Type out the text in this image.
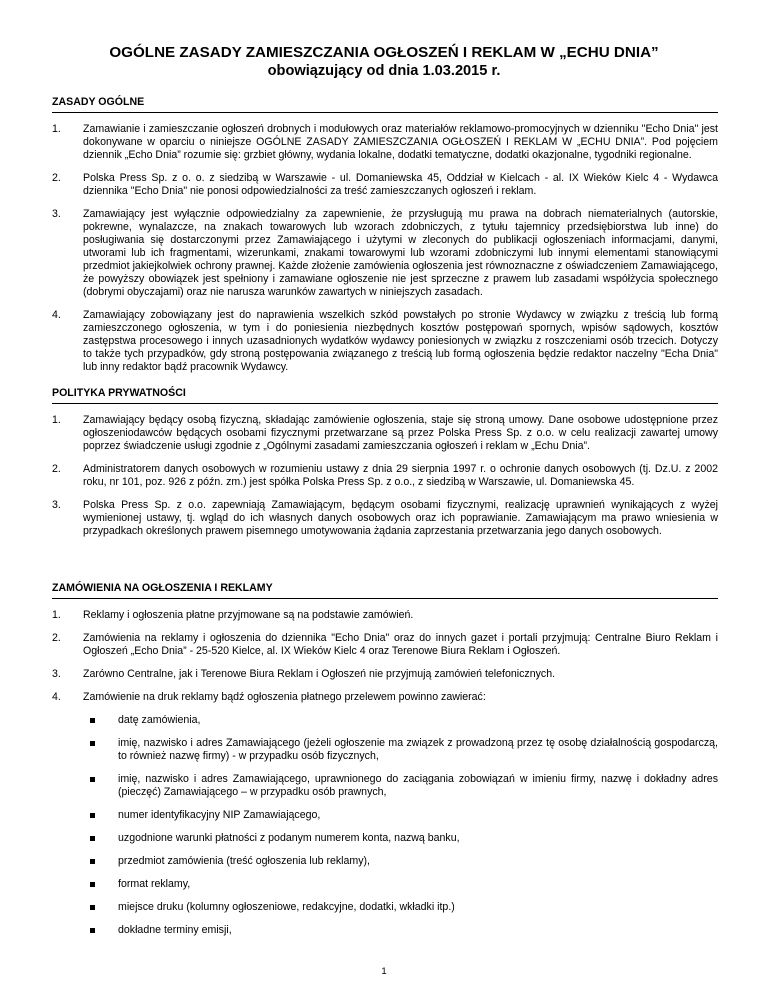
OGÓLNE ZASADY ZAMIESZCZANIA OGŁOSZEŃ I REKLAM W „ECHU DNIA”
obowiązujący od dnia 1.03.2015 r.
ZASADY OGÓLNE
1.	Zamawianie i zamieszczanie ogłoszeń drobnych i modułowych oraz materiałów reklamowo-promocyjnych w dzienniku "Echo Dnia" jest dokonywane w oparciu o niniejsze OGÓLNE ZASADY ZAMIESZCZANIA OGŁOSZEŃ I REKLAM W „ECHU DNIA”. Pod pojęciem dziennik „Echo Dnia” rozumie się: grzbiet główny, wydania lokalne, dodatki tematyczne, dodatki okazjonalne, tygodniki regionalne.
2.	Polska Press Sp. z o. o. z siedzibą w Warszawie - ul. Domaniewska 45, Oddział w Kielcach - al. IX Wieków Kielc 4 - Wydawca dziennika "Echo Dnia" nie ponosi odpowiedzialności za treść zamieszczanych ogłoszeń i reklam.
3.	Zamawiający jest wyłącznie odpowiedzialny za zapewnienie, że przysługują mu prawa na dobrach niematerialnych (autorskie, pokrewne, wynalazcze, na znakach towarowych lub wzorach zdobniczych, z tytułu tajemnicy przedsiębiorstwa lub inne) do posługiwania się dostarczonymi przez Zamawiającego i użytymi w zleconych do publikacji ogłoszeniach informacjami, danymi, utworami lub ich fragmentami, wizerunkami, znakami towarowymi lub wzorami zdobniczymi lub innymi elementami stanowiącymi przedmiot jakiejkolwiek ochrony prawnej. Każde złożenie zamówienia ogłoszenia jest równoznaczne z oświadczeniem Zamawiającego, że powyższy obowiązek jest spełniony i zamawiane ogłoszenie nie jest sprzeczne z prawem lub zasadami współżycia społecznego (dobrymi obyczajami) oraz nie narusza warunków zawartych w niniejszych zasadach.
4.	Zamawiający zobowiązany jest do naprawienia wszelkich szkód powstałych po stronie Wydawcy w związku z treścią lub formą zamieszczonego ogłoszenia, w tym i do poniesienia niezbędnych kosztów postępowań spornych, wpisów sądowych, kosztów zastępstwa procesowego i innych uzasadnionych wydatków wydawcy poniesionych w związku z roszczeniami osób trzecich. Dotyczy to także tych przypadków, gdy stroną postępowania związanego z treścią lub formą ogłoszenia będzie redaktor naczelny "Echa Dnia" lub inny redaktor bądź pracownik Wydawcy.
POLITYKA PRYWATNOŚCI
1.	Zamawiający będący osobą fizyczną, składając zamówienie ogłoszenia, staje się stroną umowy. Dane osobowe udostępnione przez ogłoszeniodawców będących osobami fizycznymi przetwarzane są przez Polska Press Sp. z o.o. w celu realizacji zawartej umowy poprzez świadczenie usługi zgodnie z „Ogólnymi zasadami zamieszczania ogłoszeń i reklam w „Echu Dnia”.
2.	Administratorem danych osobowych w rozumieniu ustawy z dnia 29 sierpnia 1997 r. o ochronie danych osobowych (tj. Dz.U. z 2002 roku, nr 101, poz. 926 z późn. zm.) jest spółka Polska Press Sp. z o.o., z siedzibą w Warszawie, ul. Domaniewska 45.
3.	Polska Press Sp. z o.o. zapewniają Zamawiającym, będącym osobami fizycznymi, realizację uprawnień wynikających z wyżej wymienionej ustawy, tj. wgląd do ich własnych danych osobowych oraz ich poprawianie. Zamawiającym ma prawo wniesienia w przypadkach określonych prawem pisemnego umotywowania żądania zaprzestania przetwarzania jego danych osobowych.
ZAMÓWIENIA NA OGŁOSZENIA I REKLAMY
1.	Reklamy i ogłoszenia płatne przyjmowane są na podstawie zamówień.
2.	Zamówienia na reklamy i ogłoszenia do dziennika "Echo Dnia" oraz do innych gazet i portali przyjmują: Centralne Biuro Reklam i Ogłoszeń „Echo Dnia” - 25-520 Kielce, al. IX Wieków Kielc 4 oraz Terenowe Biura Reklam i Ogłoszeń.
3.	Zarówno Centralne, jak i Terenowe Biura Reklam i Ogłoszeń nie przyjmują zamówień telefonicznych.
4.	Zamówienie na druk reklamy bądź ogłoszenia płatnego przelewem powinno zawierać:
datę zamówienia,
imię, nazwisko i adres Zamawiającego (jeżeli ogłoszenie ma związek z prowadzoną przez tę osobę działalnością gospodarczą, to również nazwę firmy) - w przypadku osób fizycznych,
imię, nazwisko i adres Zamawiającego, uprawnionego do zaciągania zobowiązań w imieniu firmy, nazwę i dokładny adres (pieczęć) Zamawiającego – w przypadku osób prawnych,
numer identyfikacyjny NIP Zamawiającego,
uzgodnione warunki płatności z podanym numerem konta, nazwą banku,
przedmiot zamówienia (treść ogłoszenia lub reklamy),
format reklamy,
miejsce druku (kolumny ogłoszeniowe, redakcyjne, dodatki, wkładki itp.)
dokładne terminy emisji,
1
